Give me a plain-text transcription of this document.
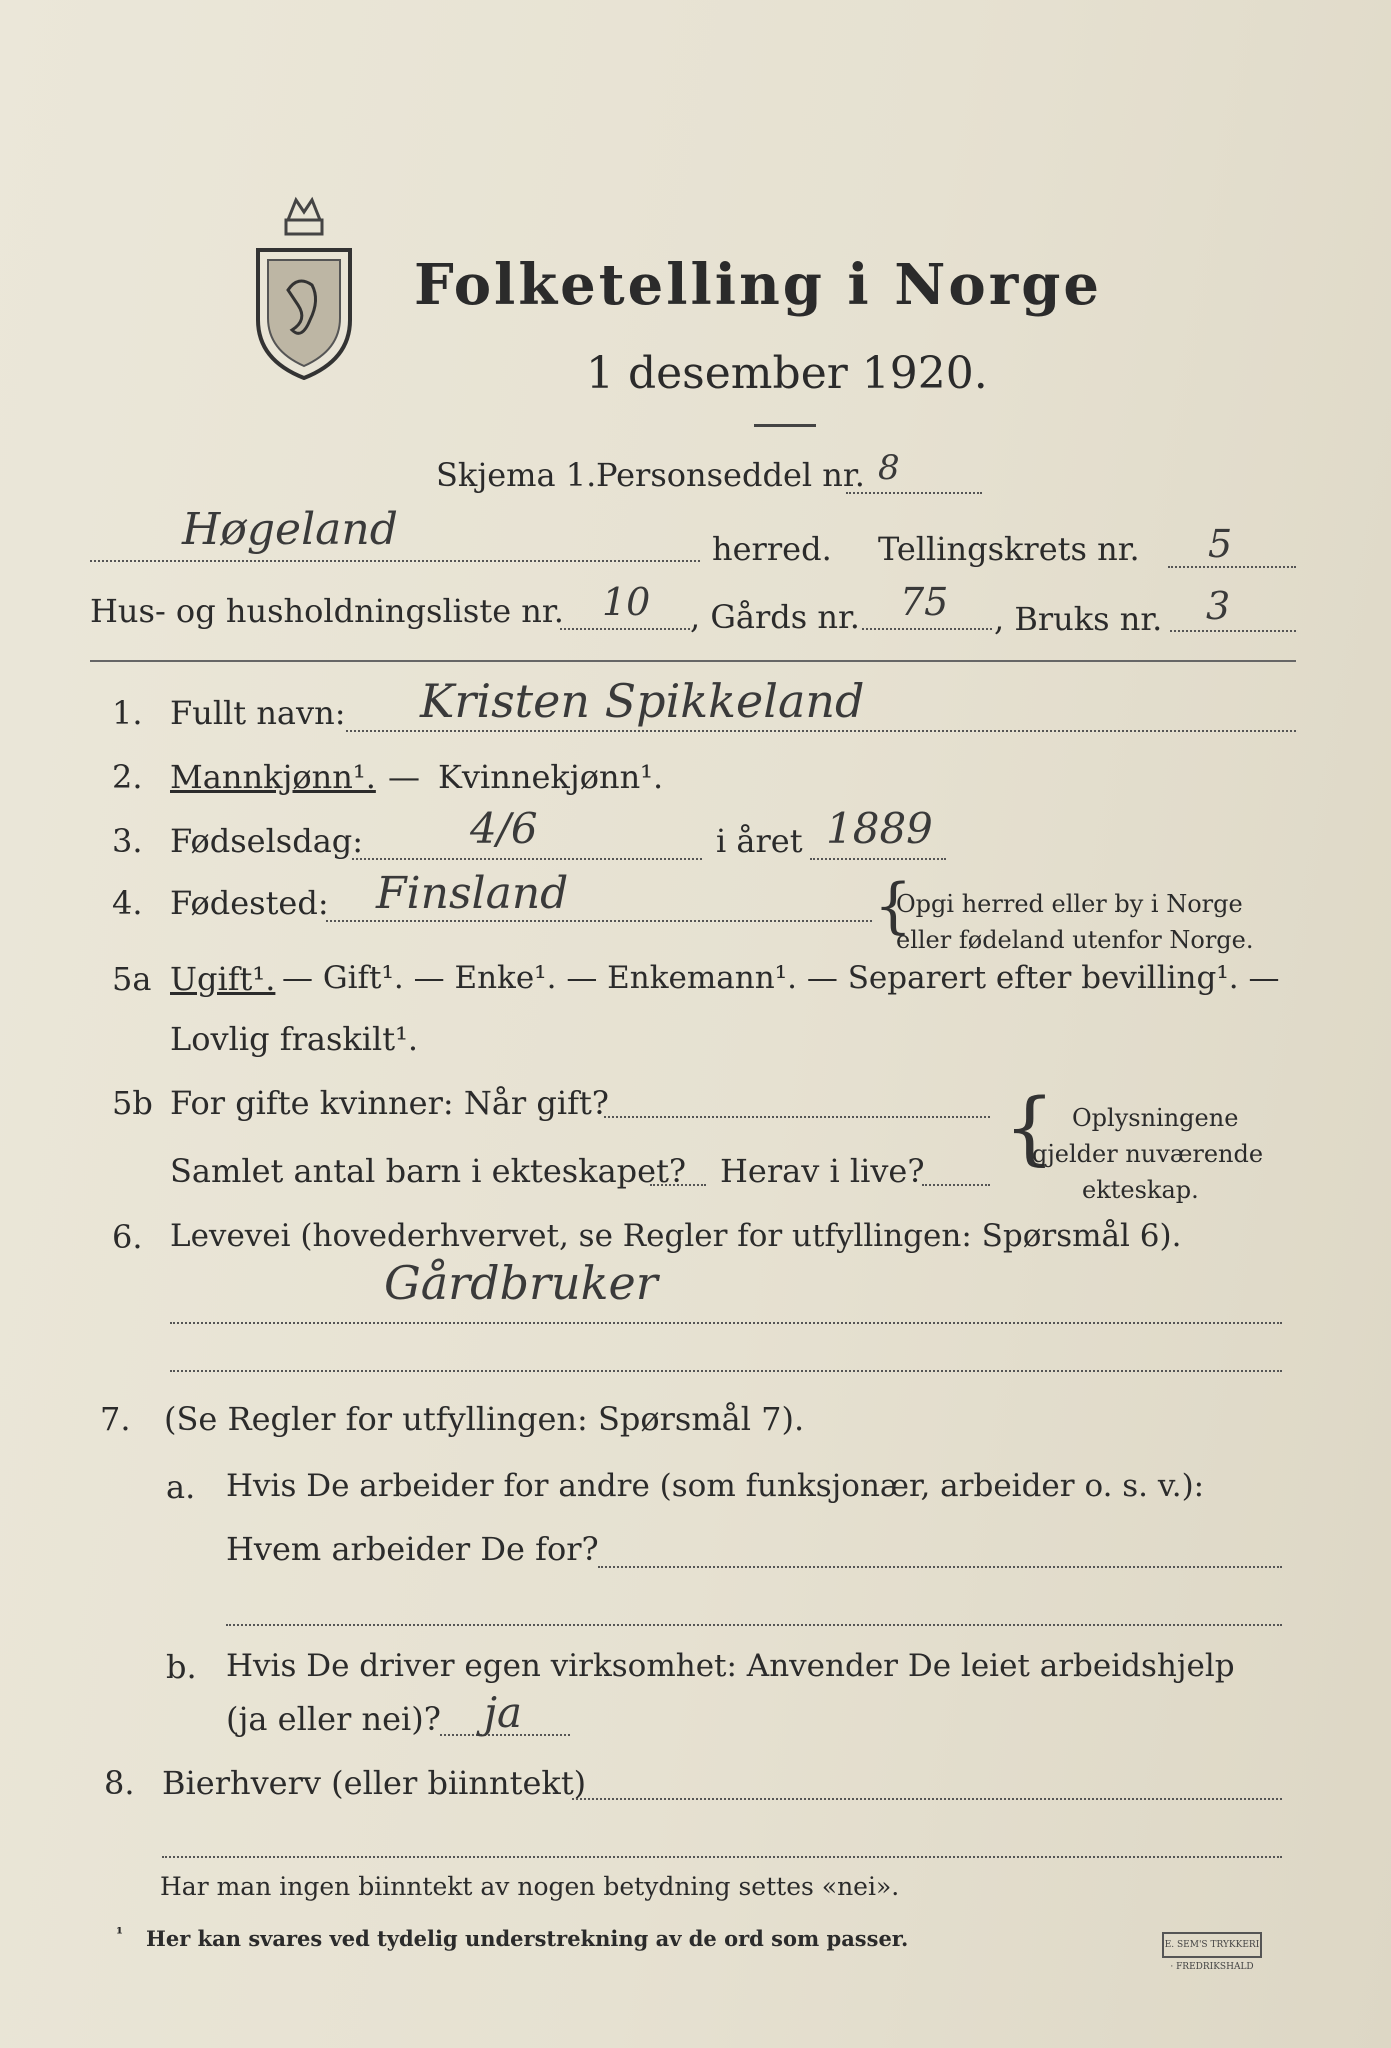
Folketelling i Norge
1 desember 1920.
Skjema 1. Personseddel nr. 8
Høgeland	herred. Tellingskrets nr. 5
Hus- og husholdningsliste nr. 10 , Gårds nr. 75 , Bruks nr. 3
1. Fullt navn: Kristen Spikkeland
2. Mannkjønn¹. — Kvinnekjønn¹.
3. Fødselsdag:	4/6	i året 1889
4. Fødested: Finsland	{
Opgi herred eller by i Norge
eller fødeland utenfor Norge.
5a Ugift¹. — Gift¹. — Enke¹. — Enkemann¹. — Separert efter bevilling¹. —
Lovlig fraskilt¹.
5b For gifte kvinner: Når gift?
Samlet antal barn i ekteskapet? Herav i live? { Oplysningene
gjelder nuværende
ekteskap.
6. Levevei (hovederhvervet, se Regler for utfyllingen: Spørsmål 6).
Gårdbruker
7. (Se Regler for utfyllingen: Spørsmål 7).
a. Hvis De arbeider for andre (som funksjonær, arbeider o. s. v.):
Hvem arbeider De for?
b. Hvis De driver egen virksomhet: Anvender De leiet arbeidshjelp
(ja eller nei)? ja
8. Bierhverv (eller biinntekt)
Har man ingen biinntekt av nogen betydning settes «nei».
¹ Her kan svares ved tydelig understrekning av de ord som passer.	E. SEM'S TRYKKERI · FREDRIKSHALD
